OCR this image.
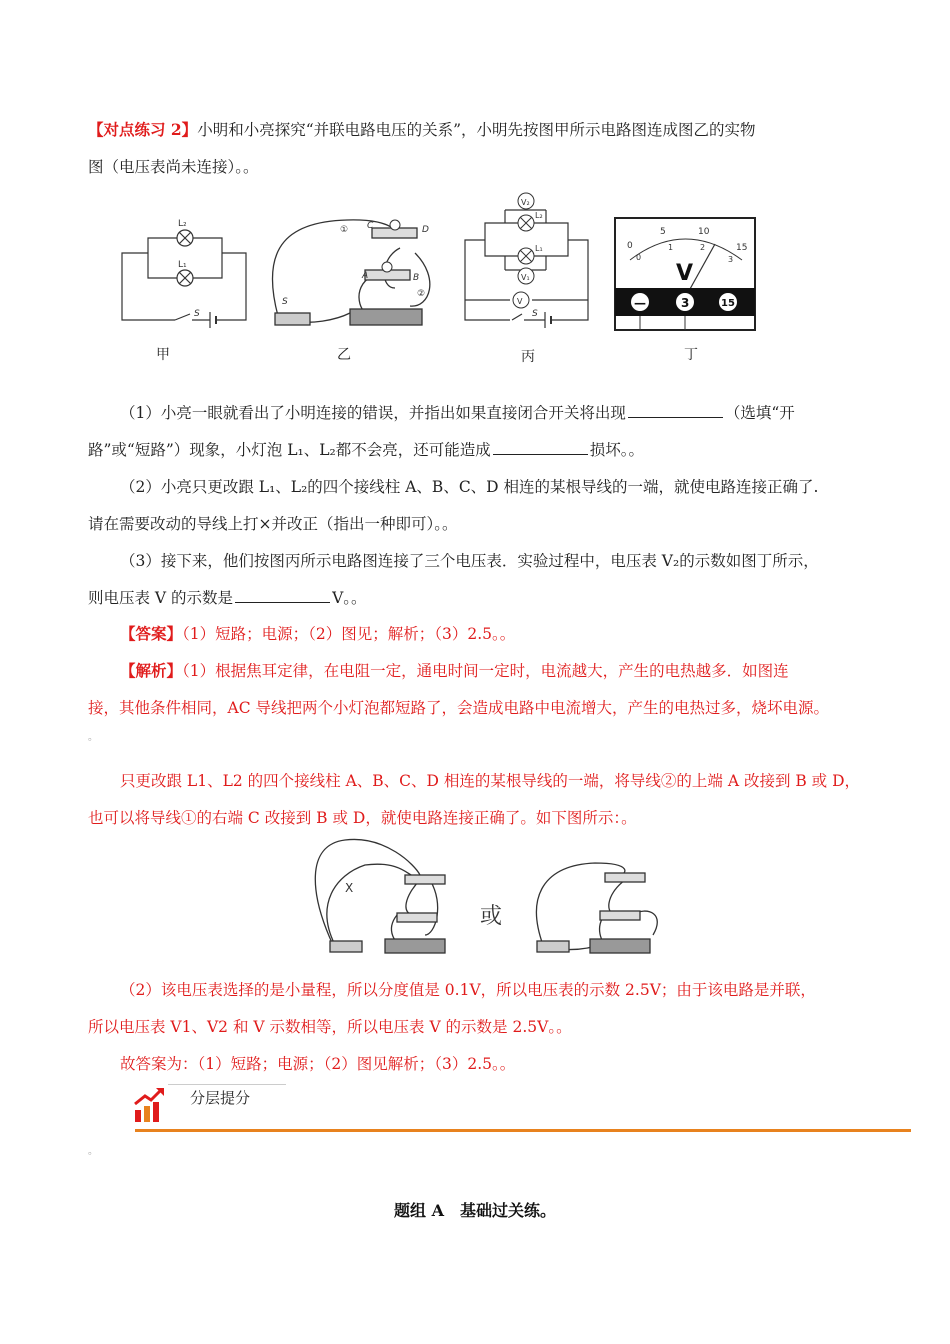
【对点练习 2】小明和小亮探究“并联电路电压的关系”，小明先按图甲所示电路图连成图乙的实物
图（电压表尚未连接）。。
L₂
L₁
S
①
②
C	D
A	B
S
V₂
V₁
V
L₂
L₁
S
0
5	10
15
0
1	2
3
V
—	3	15
甲	乙	丙	丁
（1）小亮一眼就看出了小明连接的错误，并指出如果直接闭合开关将出现	（选填“开
路”或“短路”）现象，小灯泡 L₁、L₂都不会亮，还可能造成	损坏。。
（2）小亮只更改跟 L₁、L₂的四个接线柱 A、B、C、D 相连的某根导线的一端，就使电路连接正确了.
请在需要改动的导线上打×并改正（指出一种即可）。。
（3）接下来，他们按图丙所示电路图连接了三个电压表．实验过程中，电压表 V₂的示数如图丁所示，
则电压表 V 的示数是	V。。
【答案】（1）短路；电源；（2）图见；解析；（3）2.5。。
【解析】（1）根据焦耳定律，在电阻一定，通电时间一定时，电流越大，产生的电热越多．如图连
接，其他条件相同，AC 导线把两个小灯泡都短路了，会造成电路中电流增大，产生的电热过多，烧坏电源。
。
只更改跟 L1、L2 的四个接线柱 A、B、C、D 相连的某根导线的一端，将导线②的上端 A 改接到 B 或 D，
也可以将导线①的右端 C 改接到 B 或 D，就使电路连接正确了。如下图所示：。
X
或
（2）该电压表选择的是小量程，所以分度值是 0.1V，所以电压表的示数 2.5V；由于该电路是并联，
所以电压表 V1、V2 和 V 示数相等，所以电压表 V 的示数是 2.5V。。
故答案为：（1）短路；电源；（2）图见解析；（3）2.5。。
分层提分
。
题组 A　基础过关练。
